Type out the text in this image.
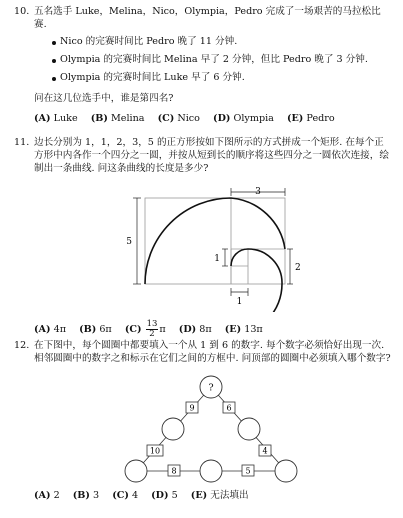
10. 五名选手 Luke，Melina，Nico，Olympia，Pedro 完成了一场艰苦的马拉松比赛.
Nico 的完赛时间比 Pedro 晚了 11 分钟.
Olympia 的完赛时间比 Melina 早了 2 分钟，但比 Pedro 晚了 3 分钟.
Olympia 的完赛时间比 Luke 早了 6 分钟.
问在这几位选手中，谁是第四名?
(A) Luke (B) Melina (C) Nico (D) Olympia (E) Pedro
11. 边长分别为 1，1，2，3，5 的正方形按如下图所示的方式拼成一个矩形. 在每个正方形中内各作一个四分之一圆，并按从短到长的顺序将这些四分之一圆依次连接，绘制出一条曲线. 问这条曲线的长度是多少?
3
5
1
2
1
(A) 4π (B) 6π $(C) \frac{13}{2}$ π (D) 8π (E) 13π
12. 在下图中，每个圆圈中都要填入一个从 1 到 6 的数字. 每个数字必须恰好出现一次. 相邻圆圈中的数字之和标示在它们之间的方框中. 问顶部的圆圈中必须填入哪个数字?
?
9	6
10	4
8	5
(A) 2 (B) 3 (C) 4 (D) 5 (E) 无法填出
